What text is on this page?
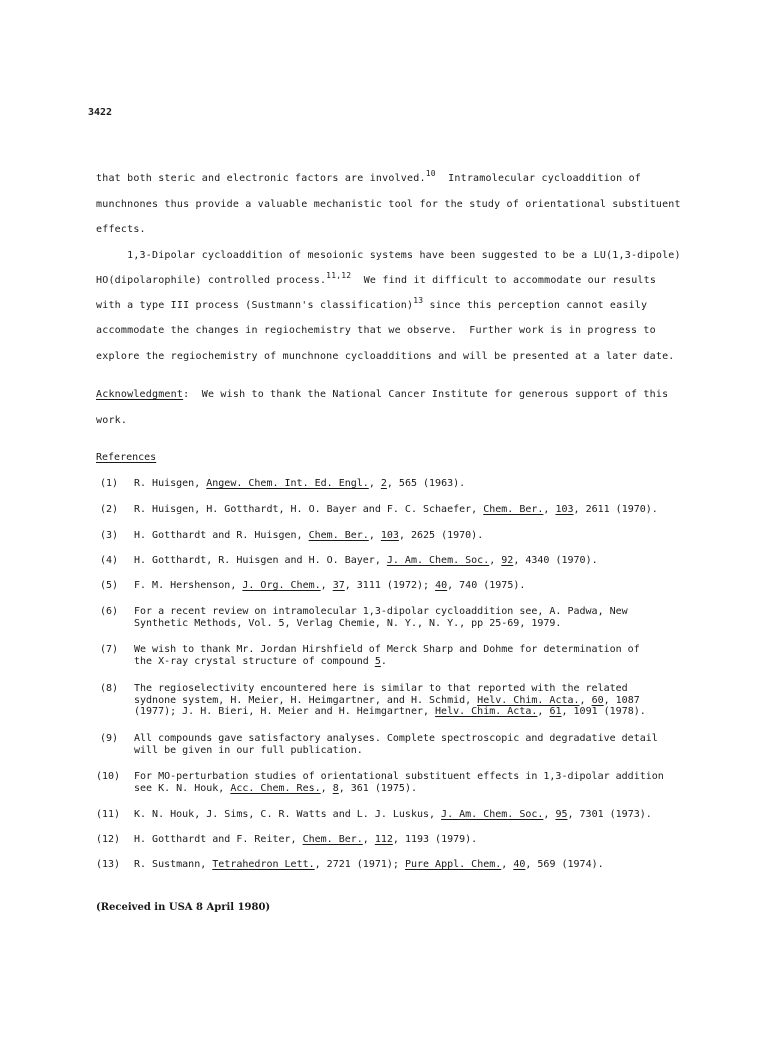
3422
that both steric and electronic factors are involved.$^{10}$  Intramolecular cycloaddition of
munchnones thus provide a valuable mechanistic tool for the study of orientational substituent
effects.
1,3-Dipolar cycloaddition of mesoionic systems have been suggested to be a LU(1,3-dipole)
HO(dipolarophile) controlled process.$^{11,12}$  We find it difficult to accommodate our results
with a type III process (Sustmann's classification)$^{13}$ since this perception cannot easily
accommodate the changes in regiochemistry that we observe.  Further work is in progress to
explore the regiochemistry of munchnone cycloadditions and will be presented at a later date.
Acknowledgment:  We wish to thank the National Cancer Institute for generous support of this
work.
References
(1) R. Huisgen, Angew. Chem. Int. Ed. Engl., 2, 565 (1963).
(2) R. Huisgen, H. Gotthardt, H. O. Bayer and F. C. Schaefer, Chem. Ber., 103, 2611 (1970).
(3) H. Gotthardt and R. Huisgen, Chem. Ber., 103, 2625 (1970).
(4) H. Gotthardt, R. Huisgen and H. O. Bayer, J. Am. Chem. Soc., 92, 4340 (1970).
(5) F. M. Hershenson, J. Org. Chem., 37, 3111 (1972); 40, 740 (1975).
(6) For a recent review on intramolecular 1,3-dipolar cycloaddition see, A. Padwa, New
Synthetic Methods, Vol. 5, Verlag Chemie, N. Y., N. Y., pp 25-69, 1979.
(7) We wish to thank Mr. Jordan Hirshfield of Merck Sharp and Dohme for determination of
the X-ray crystal structure of compound 5.
(8) The regioselectivity encountered here is similar to that reported with the related
sydnone system, H. Meier, H. Heimgartner, and H. Schmid, Helv. Chim. Acta., 60, 1087
(1977); J. H. Bieri, H. Meier and H. Heimgartner, Helv. Chim. Acta., 61, 1091 (1978).
(9) All compounds gave satisfactory analyses. Complete spectroscopic and degradative detail
will be given in our full publication.
(10) For MO-perturbation studies of orientational substituent effects in 1,3-dipolar addition
see K. N. Houk, Acc. Chem. Res., 8, 361 (1975).
(11) K. N. Houk, J. Sims, C. R. Watts and L. J. Luskus, J. Am. Chem. Soc., 95, 7301 (1973).
(12) H. Gotthardt and F. Reiter, Chem. Ber., 112, 1193 (1979).
(13) R. Sustmann, Tetrahedron Lett., 2721 (1971); Pure Appl. Chem., 40, 569 (1974).
(Received in USA 8 April 1980)
